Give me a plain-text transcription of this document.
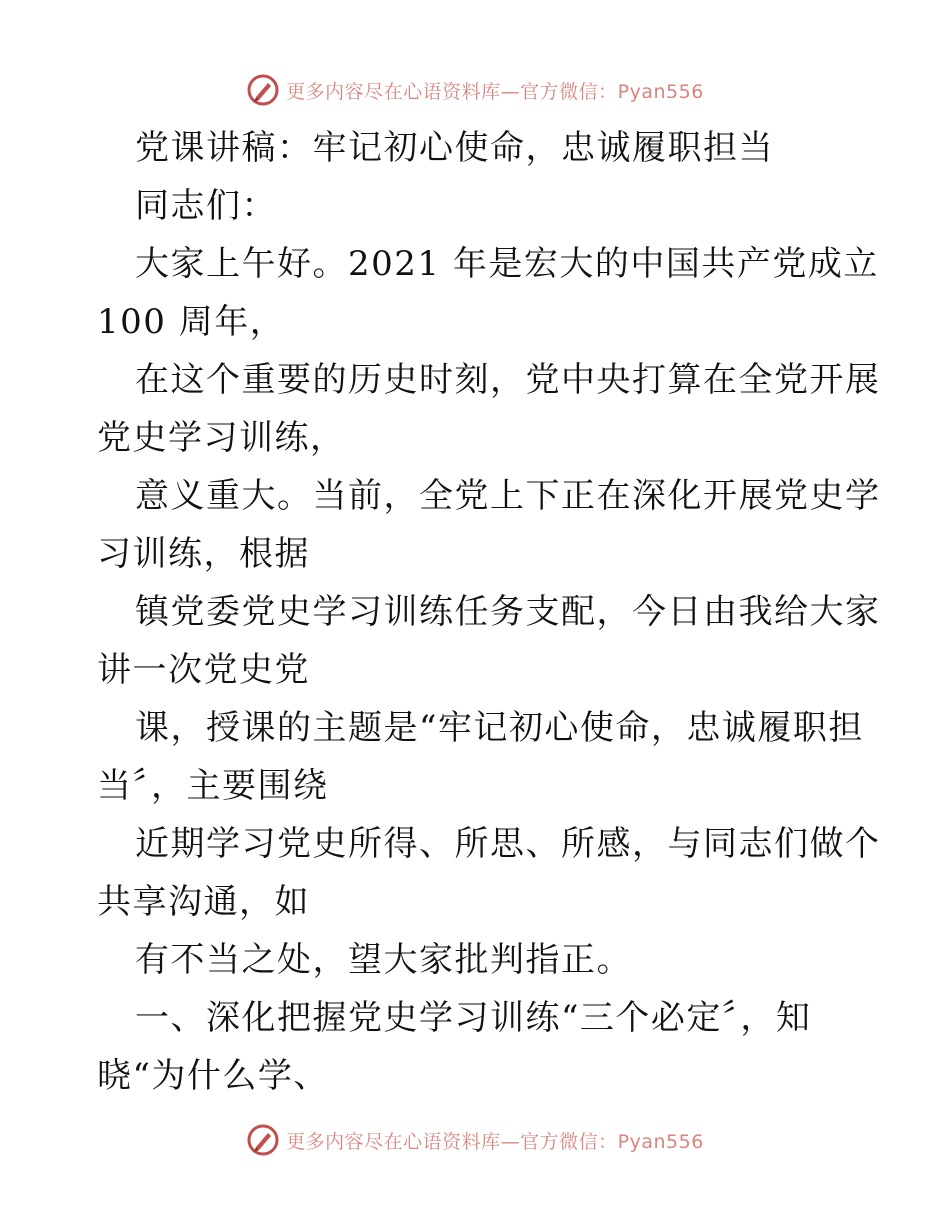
更多内容尽在心语资料库—官方微信：Pyan556
党课讲稿：牢记初心使命，忠诚履职担当
同志们：
大家上午好。2021 年是宏大的中国共产党成立
100 周年，
在这个重要的历史时刻，党中央打算在全党开展
党史学习训练，
意义重大。当前，全党上下正在深化开展党史学
习训练，根据
镇党委党史学习训练任务支配，今日由我给大家
讲一次党史党
课，授课的主题是“牢记初心使命，忠诚履职担
当〞，主要围绕
近期学习党史所得、所思、所感，与同志们做个
共享沟通，如
有不当之处，望大家批判指正。
一、深化把握党史学习训练“三个必定〞，知
晓“为什么学、
更多内容尽在心语资料库—官方微信：Pyan556
